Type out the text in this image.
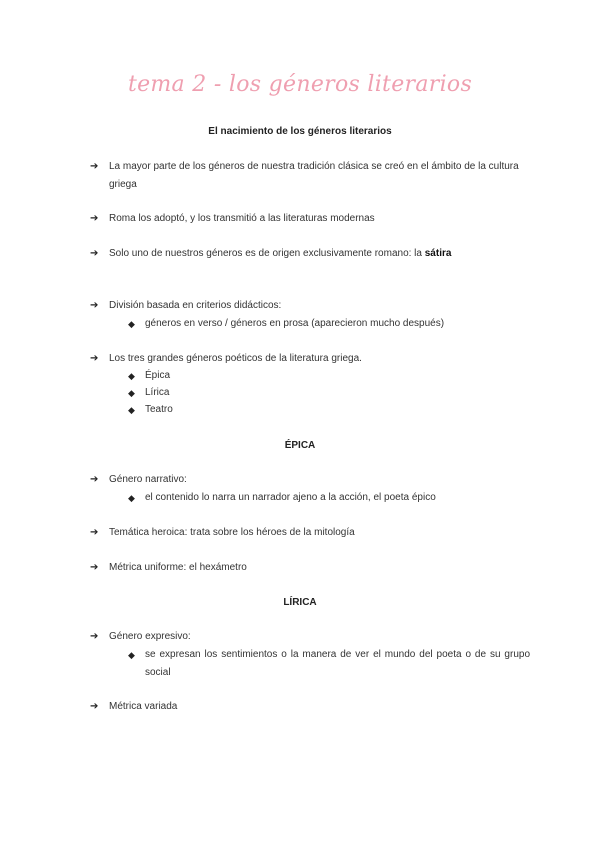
tema 2 - los géneros literarios
El nacimiento de los géneros literarios
➔	La mayor parte de los géneros de nuestra tradición clásica se creó en el ámbito de la cultura griega
➔	Roma los adoptó, y los transmitió a las literaturas modernas
➔	Solo uno de nuestros géneros es de origen exclusivamente romano: la sátira
➔	División basada en criterios didácticos:
◆ géneros en verso / géneros en prosa (aparecieron mucho después)
➔	Los tres grandes géneros poéticos de la literatura griega.
◆ Épica
◆ Lírica
◆ Teatro
ÉPICA
➔	Género narrativo:
◆ el contenido lo narra un narrador ajeno a la acción, el poeta épico
➔	Temática heroica: trata sobre los héroes de la mitología
➔	Métrica uniforme: el hexámetro
LÍRICA
➔	Género expresivo:
◆ se expresan los sentimientos o la manera de ver el mundo del poeta o de su grupo social
➔	Métrica variada
